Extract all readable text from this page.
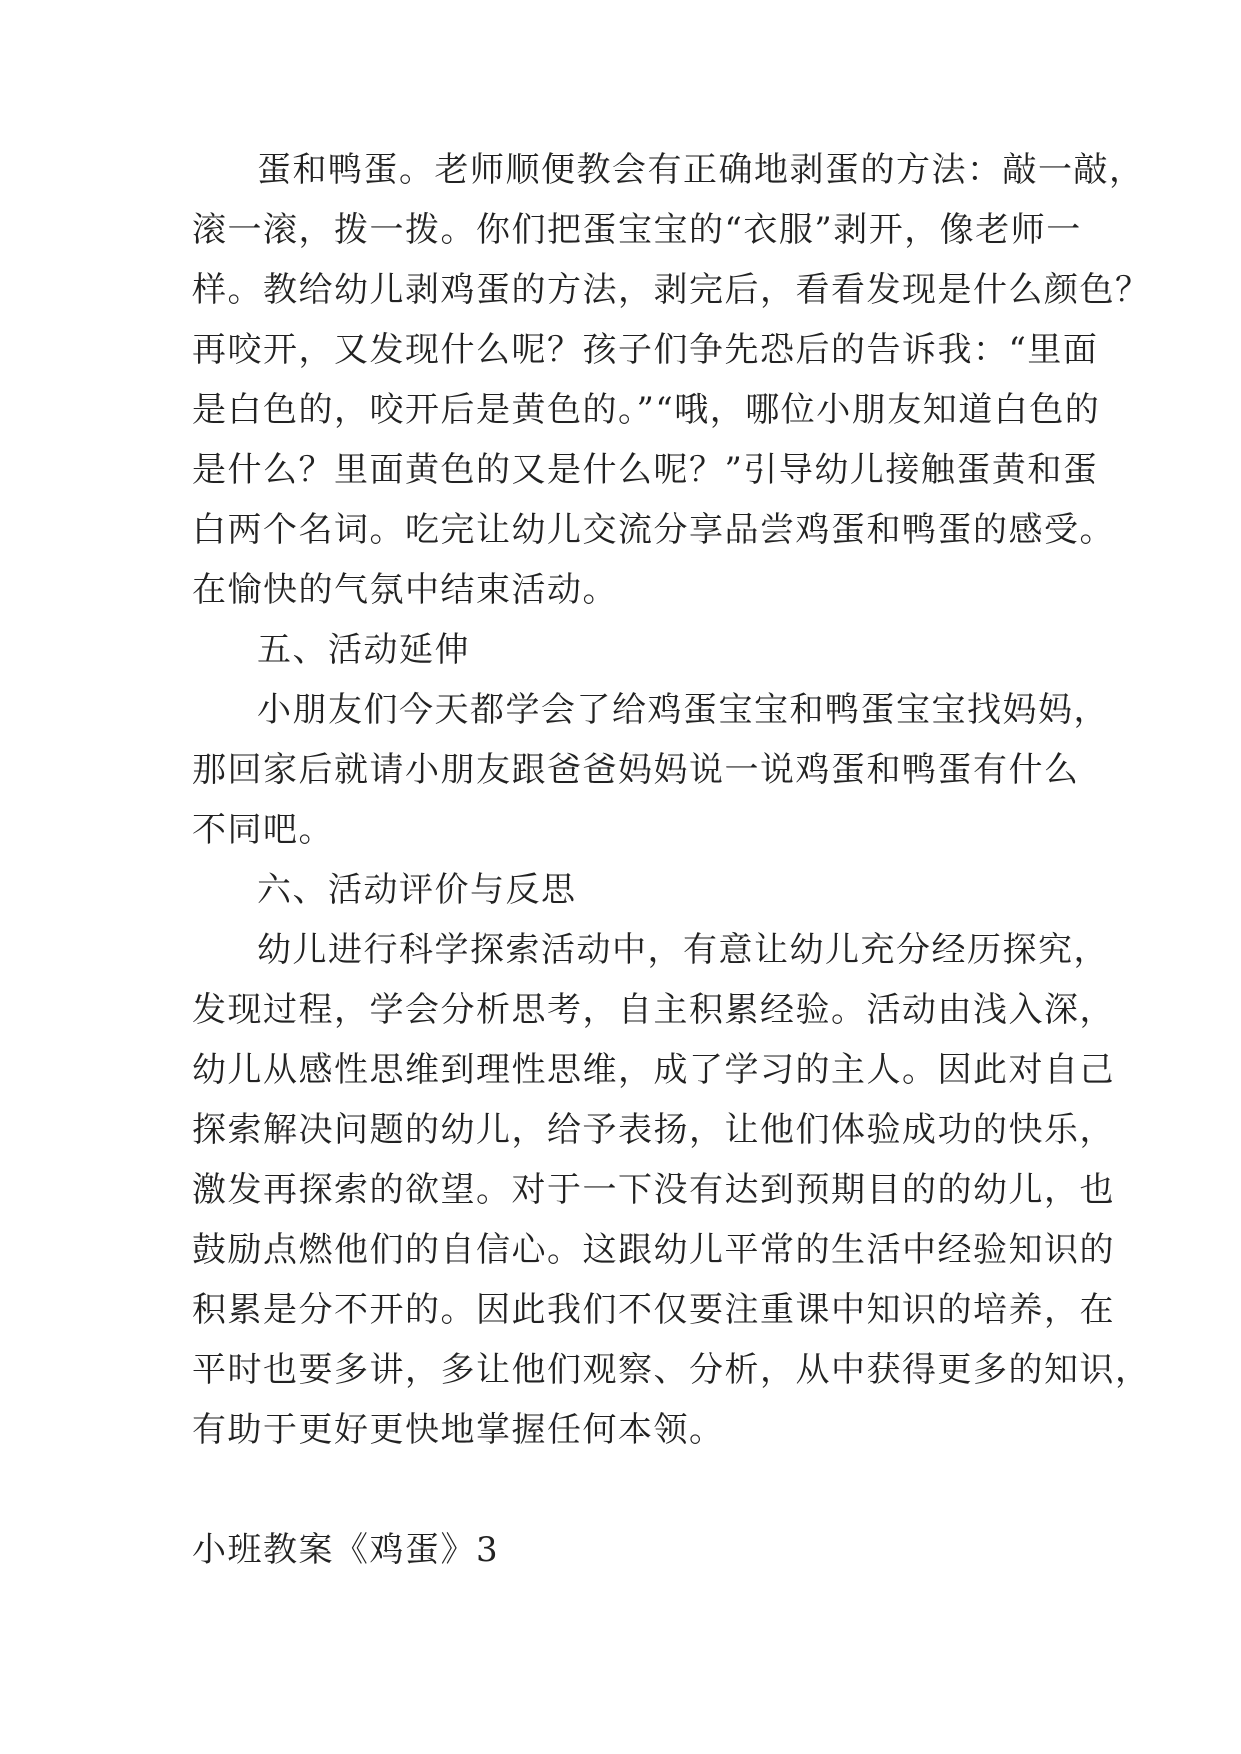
蛋和鸭蛋。老师顺便教会有正确地剥蛋的方法：敲一敲，
滚一滚，拨一拨。你们把蛋宝宝的“衣服”剥开，像老师一
样。教给幼儿剥鸡蛋的方法，剥完后，看看发现是什么颜色？
再咬开，又发现什么呢？孩子们争先恐后的告诉我：“里面
是白色的，咬开后是黄色的。”“哦，哪位小朋友知道白色的
是什么？里面黄色的又是什么呢？”引导幼儿接触蛋黄和蛋
白两个名词。吃完让幼儿交流分享品尝鸡蛋和鸭蛋的感受。
在愉快的气氛中结束活动。
五、活动延伸
小朋友们今天都学会了给鸡蛋宝宝和鸭蛋宝宝找妈妈，
那回家后就请小朋友跟爸爸妈妈说一说鸡蛋和鸭蛋有什么
不同吧。
六、活动评价与反思
幼儿进行科学探索活动中，有意让幼儿充分经历探究，
发现过程，学会分析思考，自主积累经验。活动由浅入深，
幼儿从感性思维到理性思维，成了学习的主人。因此对自己
探索解决问题的幼儿，给予表扬，让他们体验成功的快乐，
激发再探索的欲望。对于一下没有达到预期目的的幼儿，也
鼓励点燃他们的自信心。这跟幼儿平常的生活中经验知识的
积累是分不开的。因此我们不仅要注重课中知识的培养，在
平时也要多讲，多让他们观察、分析，从中获得更多的知识，
有助于更好更快地掌握任何本领。
小班教案《鸡蛋》3
